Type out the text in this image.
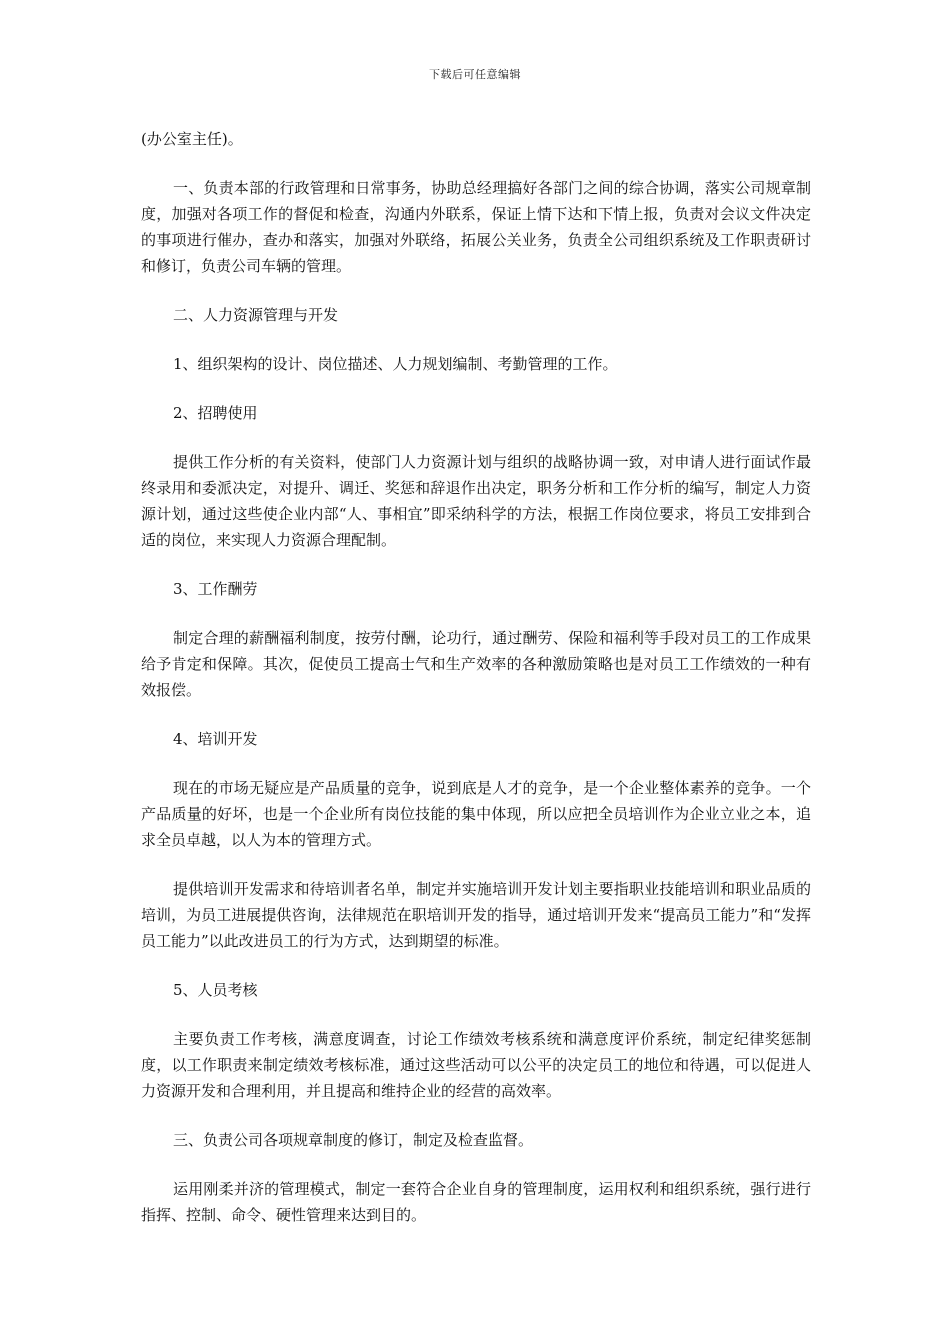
下载后可任意编辑

(办公室主任)。

一、负责本部的行政管理和日常事务，协助总经理搞好各部门之间的综合协调，落实公司规章制度，加强对各项工作的督促和检查，沟通内外联系，保证上情下达和下情上报，负责对会议文件决定的事项进行催办，查办和落实，加强对外联络，拓展公关业务，负责全公司组织系统及工作职责研讨和修订，负责公司车辆的管理。

二、人力资源管理与开发

1、组织架构的设计、岗位描述、人力规划编制、考勤管理的工作。

2、招聘使用

提供工作分析的有关资料，使部门人力资源计划与组织的战略协调一致，对申请人进行面试作最终录用和委派决定，对提升、调迁、奖惩和辞退作出决定，职务分析和工作分析的编写，制定人力资源计划，通过这些使企业内部“人、事相宜”即采纳科学的方法，根据工作岗位要求，将员工安排到合适的岗位，来实现人力资源合理配制。

3、工作酬劳

制定合理的薪酬福利制度，按劳付酬，论功行，通过酬劳、保险和福利等手段对员工的工作成果给予肯定和保障。其次，促使员工提高士气和生产效率的各种激励策略也是对员工工作绩效的一种有效报偿。

4、培训开发

现在的市场无疑应是产品质量的竞争，说到底是人才的竞争，是一个企业整体素养的竞争。一个产品质量的好坏，也是一个企业所有岗位技能的集中体现，所以应把全员培训作为企业立业之本，追求全员卓越，以人为本的管理方式。

提供培训开发需求和待培训者名单，制定并实施培训开发计划主要指职业技能培训和职业品质的培训，为员工进展提供咨询，法律规范在职培训开发的指导，通过培训开发来“提高员工能力”和“发挥员工能力”以此改进员工的行为方式，达到期望的标准。

5、人员考核

主要负责工作考核，满意度调查，讨论工作绩效考核系统和满意度评价系统，制定纪律奖惩制度，以工作职责来制定绩效考核标准，通过这些活动可以公平的决定员工的地位和待遇，可以促进人力资源开发和合理利用，并且提高和维持企业的经营的高效率。

三、负责公司各项规章制度的修订，制定及检查监督。

运用刚柔并济的管理模式，制定一套符合企业自身的管理制度，运用权利和组织系统，强行进行指挥、控制、命令、硬性管理来达到目的。
